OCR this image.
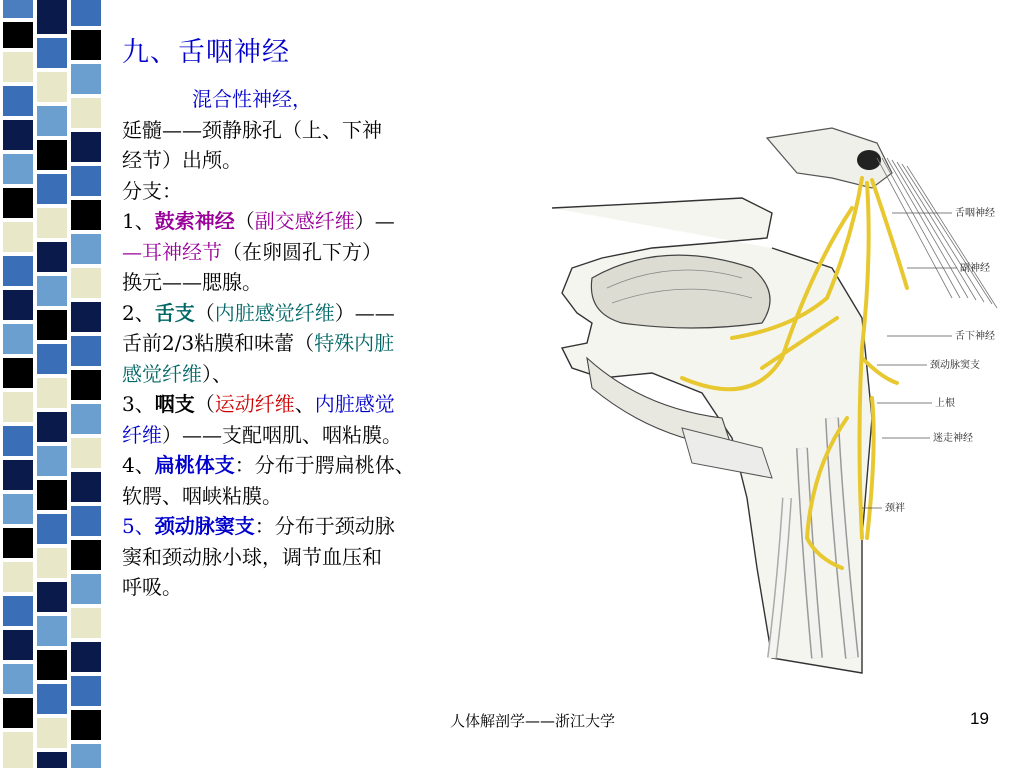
九、舌咽神经
混合性神经，
延髓——颈静脉孔（上、下神
经节）出颅。
分支：
1、鼓索神经（副交感纤维）—
—耳神经节（在卵圆孔下方）
换元——腮腺。
2、舌支（内脏感觉纤维）——
舌前2/3粘膜和味蕾（特殊内脏
感觉纤维）、
3、咽支（运动纤维、内脏感觉
纤维）——支配咽肌、咽粘膜。
4、扁桃体支：分布于腭扁桃体、
软腭、咽峡粘膜。
5、颈动脉窦支：分布于颈动脉
窦和颈动脉小球，调节血压和
呼吸。
舌咽神经
副神经
舌下神经
颈动脉窦支
上根
迷走神经
颈袢
人体解剖学——浙江大学	19
